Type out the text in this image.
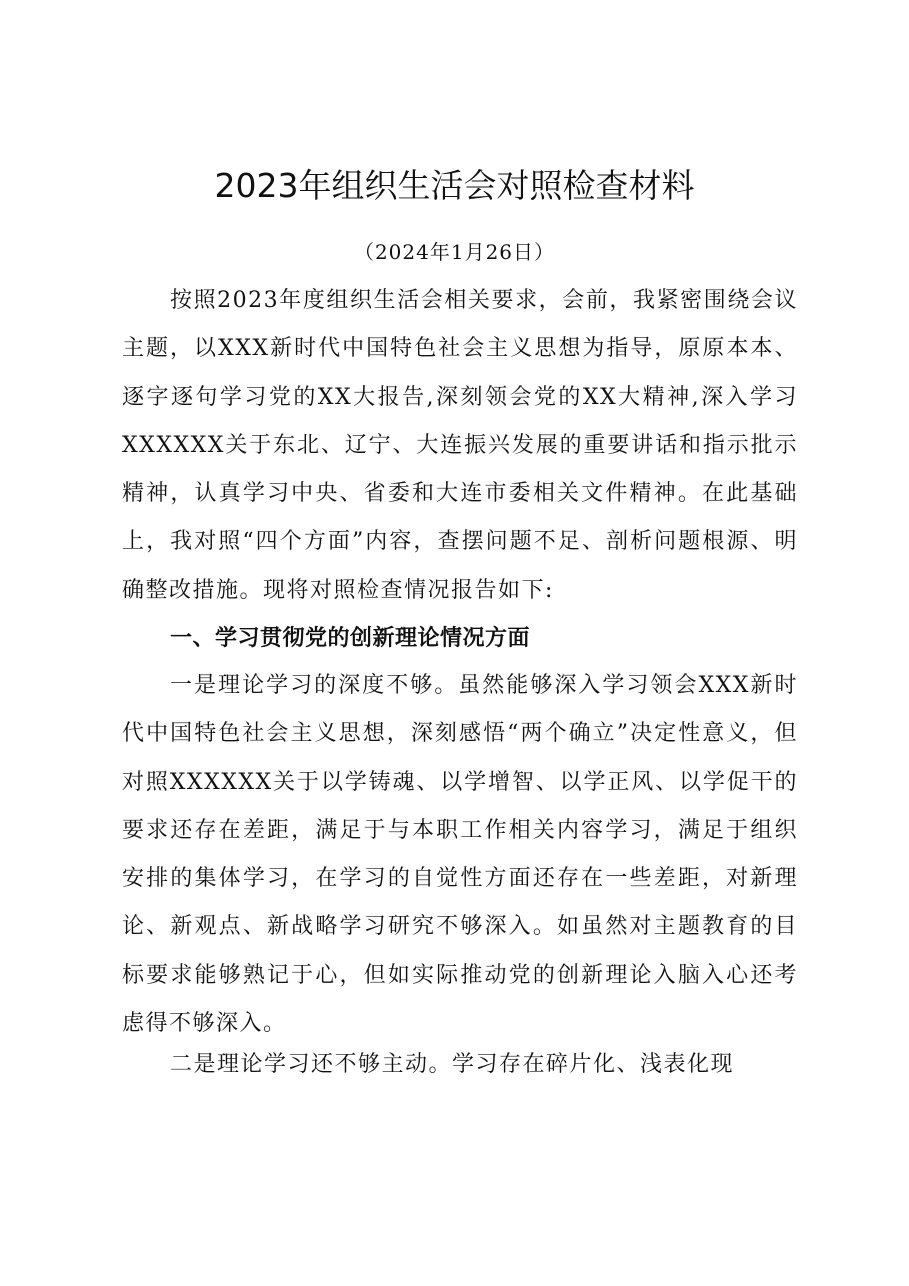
2023年组织生活会对照检查材料
（2024年1月26日）

按照2023年度组织生活会相关要求，会前，我紧密围绕会议主题，以XXX新时代中国特色社会主义思想为指导，原原本本、逐字逐句学习党的XX大报告,深刻领会党的XX大精神,深入学习XXXXXX关于东北、辽宁、大连振兴发展的重要讲话和指示批示精神，认真学习中央、省委和大连市委相关文件精神。在此基础上，我对照“四个方面”内容，查摆问题不足、剖析问题根源、明确整改措施。现将对照检查情况报告如下:

一、学习贯彻党的创新理论情况方面

一是理论学习的深度不够。虽然能够深入学习领会XXX新时代中国特色社会主义思想，深刻感悟“两个确立”决定性意义，但对照XXXXXX关于以学铸魂、以学增智、以学正风、以学促干的要求还存在差距，满足于与本职工作相关内容学习，满足于组织安排的集体学习，在学习的自觉性方面还存在一些差距，对新理论、新观点、新战略学习研究不够深入。如虽然对主题教育的目标要求能够熟记于心，但如实际推动党的创新理论入脑入心还考虑得不够深入。

二是理论学习还不够主动。学习存在碎片化、浅表化现
